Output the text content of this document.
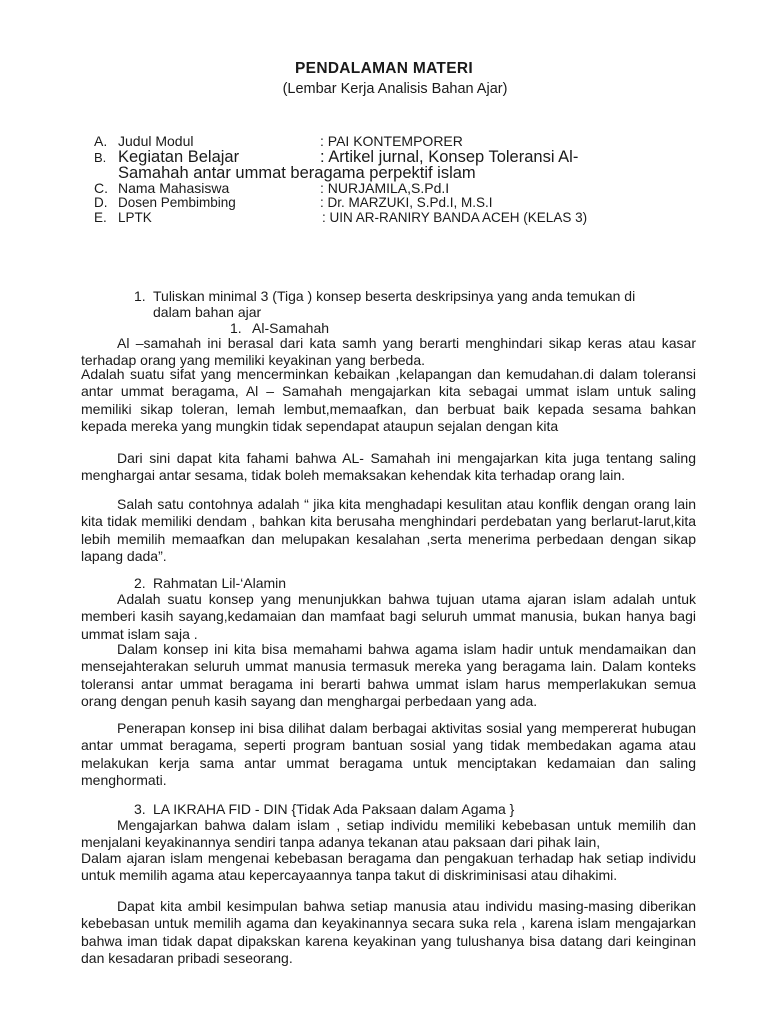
PENDALAMAN MATERI
(Lembar Kerja Analisis Bahan Ajar)
A. Judul Modul	: PAI KONTEMPORER
B. Kegiatan Belajar	: Artikel jurnal, Konsep Toleransi Al-
Samahah antar ummat beragama perpektif islam
C. Nama Mahasiswa	: NURJAMILA,S.Pd.I
D. Dosen Pembimbing	: Dr. MARZUKI, S.Pd.I, M.S.I
E. LPTK	: UIN AR-RANIRY BANDA ACEH (KELAS 3)
1. Tuliskan minimal 3 (Tiga ) konsep beserta deskripsinya yang anda temukan di
dalam bahan ajar
1. Al-Samahah
Al –samahah ini berasal dari kata samh yang berarti menghindari sikap keras atau kasar terhadap orang yang memiliki keyakinan yang berbeda.
Adalah suatu sifat yang mencerminkan kebaikan ,kelapangan dan kemudahan.di dalam toleransi antar ummat beragama, Al – Samahah mengajarkan kita sebagai ummat islam untuk saling memiliki sikap toleran, lemah lembut,memaafkan, dan berbuat baik kepada sesama bahkan kepada mereka yang mungkin tidak sependapat ataupun sejalan dengan kita
Dari sini dapat kita fahami bahwa AL- Samahah ini mengajarkan kita juga tentang saling menghargai antar sesama, tidak boleh memaksakan kehendak kita terhadap orang lain.
Salah satu contohnya adalah “ jika kita menghadapi kesulitan atau konflik dengan orang lain kita tidak memiliki dendam , bahkan kita berusaha menghindari perdebatan yang berlarut-larut,kita lebih memilih memaafkan dan melupakan kesalahan ,serta menerima perbedaan dengan sikap lapang dada”.
2. Rahmatan Lil-‘Alamin
Adalah suatu konsep yang menunjukkan bahwa tujuan utama ajaran islam adalah untuk memberi kasih sayang,kedamaian dan mamfaat bagi seluruh ummat manusia, bukan hanya bagi ummat islam saja .
Dalam konsep ini kita bisa memahami bahwa agama islam hadir untuk mendamaikan dan mensejahterakan seluruh ummat manusia termasuk mereka yang beragama lain. Dalam konteks toleransi antar ummat beragama ini berarti bahwa ummat islam harus memperlakukan semua orang dengan penuh kasih sayang dan menghargai perbedaan yang ada.
Penerapan konsep ini bisa dilihat dalam berbagai aktivitas sosial yang mempererat hubugan antar ummat beragama, seperti program bantuan sosial yang tidak membedakan agama atau melakukan kerja sama antar ummat beragama untuk menciptakan kedamaian dan saling menghormati.
3. LA IKRAHA FID - DIN {Tidak Ada Paksaan dalam Agama }
Mengajarkan bahwa dalam islam , setiap individu memiliki kebebasan untuk memilih dan menjalani keyakinannya sendiri tanpa adanya tekanan atau paksaan dari pihak lain,
Dalam ajaran islam mengenai kebebasan beragama dan pengakuan terhadap hak setiap individu untuk memilih agama atau kepercayaannya tanpa takut di diskriminisasi atau dihakimi.
Dapat kita ambil kesimpulan bahwa setiap manusia atau individu masing-masing diberikan kebebasan untuk memilih agama dan keyakinannya secara suka rela , karena islam mengajarkan bahwa iman tidak dapat dipakskan karena keyakinan yang tulushanya bisa datang dari keinginan dan kesadaran pribadi seseorang.
